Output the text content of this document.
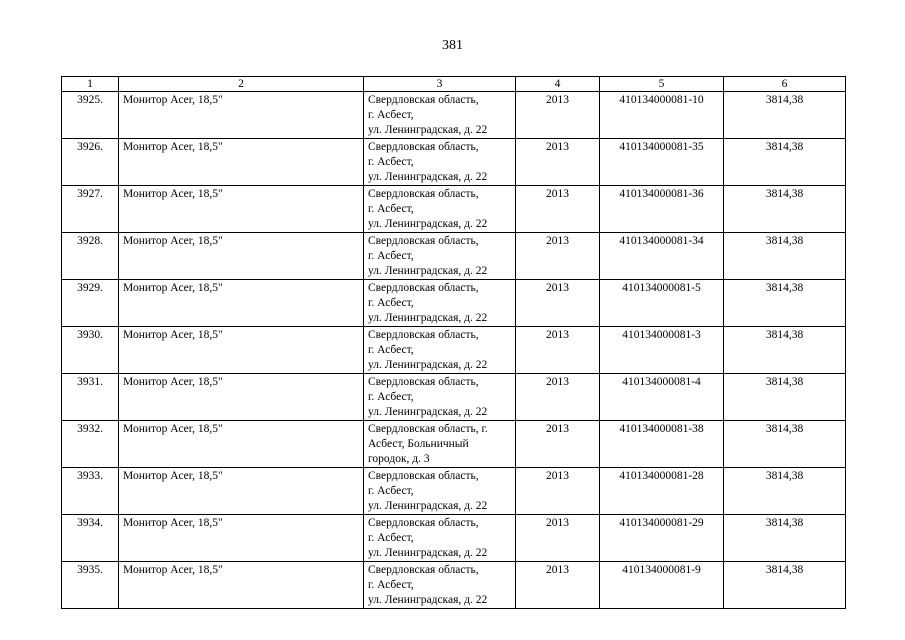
381
1	2	3	4	5	6
3925.	Монитор Acer, 18,5"	Свердловская область,
г. Асбест,
ул. Ленинградская, д. 22	2013	410134000081-10	3814,38
3926.	Монитор Acer, 18,5"	Свердловская область,
г. Асбест,
ул. Ленинградская, д. 22	2013	410134000081-35	3814,38
3927.	Монитор Acer, 18,5"	Свердловская область,
г. Асбест,
ул. Ленинградская, д. 22	2013	410134000081-36	3814,38
3928.	Монитор Acer, 18,5"	Свердловская область,
г. Асбест,
ул. Ленинградская, д. 22	2013	410134000081-34	3814,38
3929.	Монитор Acer, 18,5"	Свердловская область,
г. Асбест,
ул. Ленинградская, д. 22	2013	410134000081-5	3814,38
3930.	Монитор Acer, 18,5"	Свердловская область,
г. Асбест,
ул. Ленинградская, д. 22	2013	410134000081-3	3814,38
3931.	Монитор Acer, 18,5"	Свердловская область,
г. Асбест,
ул. Ленинградская, д. 22	2013	410134000081-4	3814,38
3932.	Монитор Acer, 18,5"	Свердловская область, г.
Асбест, Больничный
городок, д. 3	2013	410134000081-38	3814,38
3933.	Монитор Acer, 18,5"	Свердловская область,
г. Асбест,
ул. Ленинградская, д. 22	2013	410134000081-28	3814,38
3934.	Монитор Acer, 18,5"	Свердловская область,
г. Асбест,
ул. Ленинградская, д. 22	2013	410134000081-29	3814,38
3935.	Монитор Acer, 18,5"	Свердловская область,
г. Асбест,
ул. Ленинградская, д. 22	2013	410134000081-9	3814,38
